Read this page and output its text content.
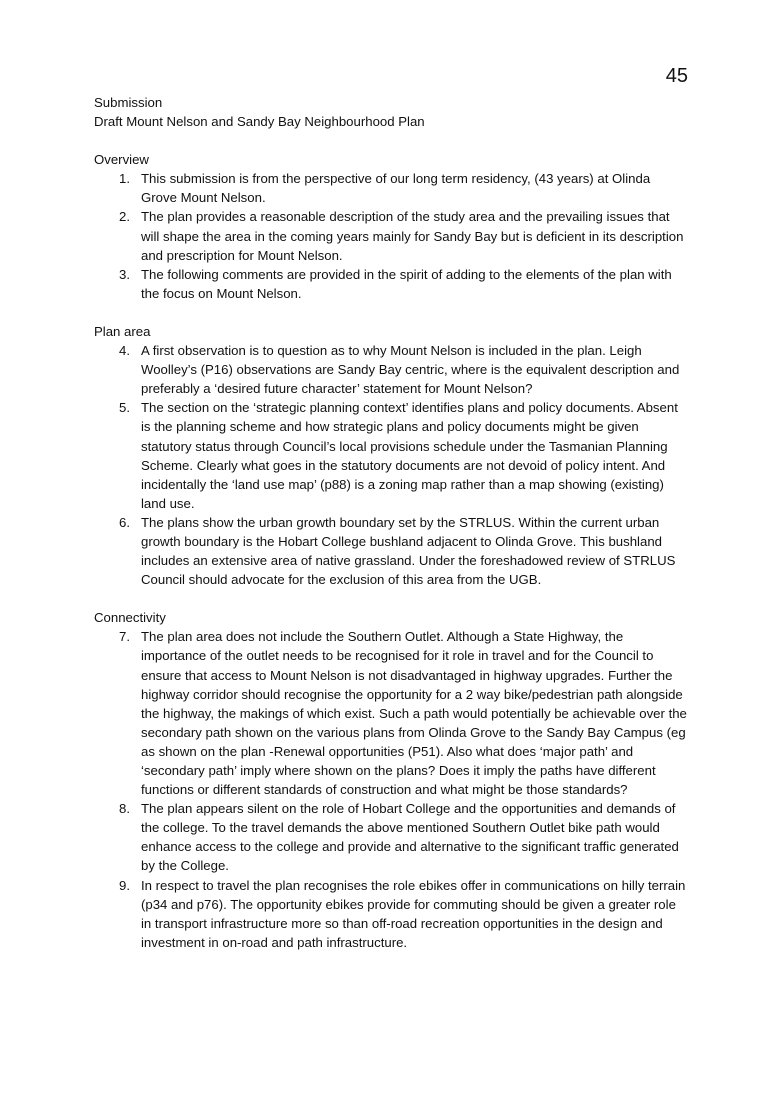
45
Submission
Draft Mount Nelson and Sandy Bay Neighbourhood Plan
Overview
1. This submission is from the perspective of our long term residency, (43 years) at Olinda Grove Mount Nelson.
2. The plan provides a reasonable description of the study area and the prevailing issues that will shape the area in the coming years mainly for Sandy Bay but is deficient in its description and prescription for Mount Nelson.
3. The following comments are provided in the spirit of adding to the elements of the plan with the focus on Mount Nelson.
Plan area
4. A first observation is to question as to why Mount Nelson is included in the plan. Leigh Woolley’s (P16) observations are Sandy Bay centric, where is the equivalent description and preferably a ‘desired future character’ statement for Mount Nelson?
5. The section on the ‘strategic planning context’ identifies plans and policy documents. Absent is the planning scheme and how strategic plans and policy documents might be given statutory status through Council’s local provisions schedule under the Tasmanian Planning Scheme. Clearly what goes in the statutory documents are not devoid of policy intent. And incidentally the ‘land use map’ (p88) is a zoning map rather than a map showing (existing) land use.
6. The plans show the urban growth boundary set by the STRLUS. Within the current urban growth boundary is the Hobart College bushland adjacent to Olinda Grove. This bushland includes an extensive area of native grassland. Under the foreshadowed review of STRLUS Council should advocate for the exclusion of this area from the UGB.
Connectivity
7. The plan area does not include the Southern Outlet. Although a State Highway, the importance of the outlet needs to be recognised for it role in travel and for the Council to ensure that access to Mount Nelson is not disadvantaged in highway upgrades. Further the highway corridor should recognise the opportunity for a 2 way bike/pedestrian path alongside the highway, the makings of which exist. Such a path would potentially be achievable over the secondary path shown on the various plans from Olinda Grove to the Sandy Bay Campus (eg as shown on the plan -Renewal opportunities (P51). Also what does ‘major path’ and ‘secondary path’ imply where shown on the plans? Does it imply the paths have different functions or different standards of construction and what might be those standards?
8. The plan appears silent on the role of Hobart College and the opportunities and demands of the college. To the travel demands the above mentioned Southern Outlet bike path would enhance access to the college and provide and alternative to the significant traffic generated by the College.
9. In respect to travel the plan recognises the role ebikes offer in communications on hilly terrain (p34 and p76). The opportunity ebikes provide for commuting should be given a greater role in transport infrastructure more so than off-road recreation opportunities in the design and investment in on-road and path infrastructure.
